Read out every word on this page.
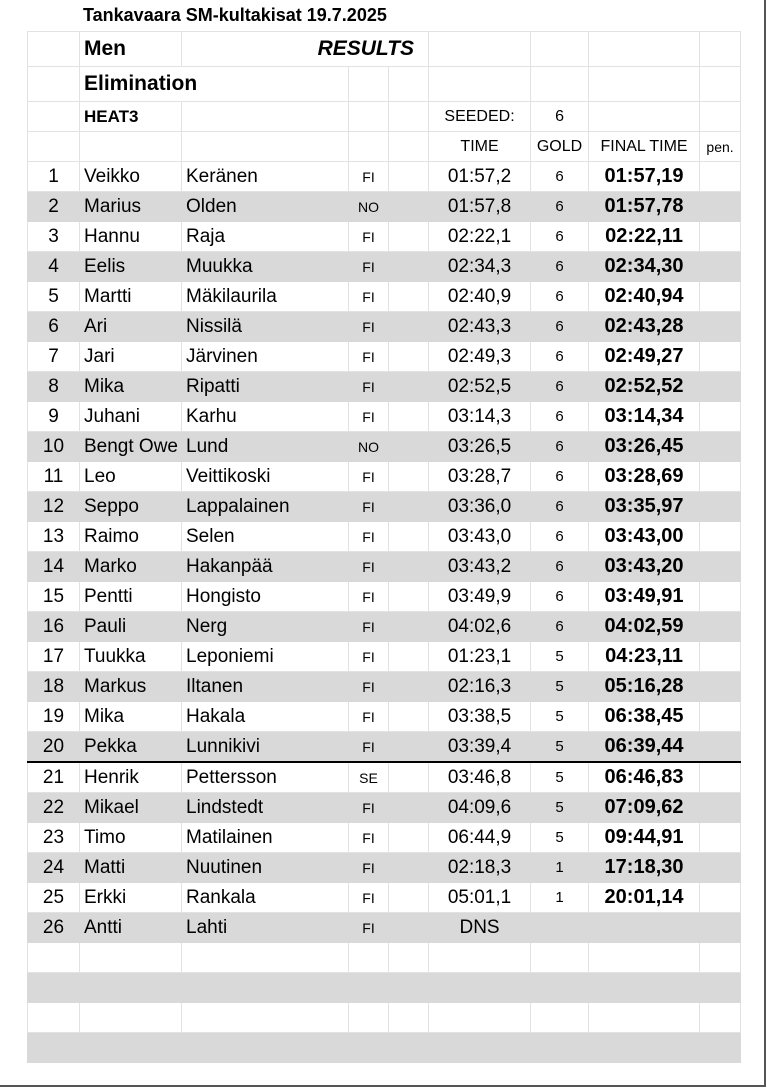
Tankavaara SM-kultakisat 19.7.2025
	Men	RESULTS						
	Elimination							
	HEAT3				SEEDED:	6		
					TIME	GOLD	FINAL TIME	pen.
1	Veikko	Keränen	FI		01:57,2	6	01:57,19	
2	Marius	Olden	NO		01:57,8	6	01:57,78	
3	Hannu	Raja	FI		02:22,1	6	02:22,11	
4	Eelis	Muukka	FI		02:34,3	6	02:34,30	
5	Martti	Mäkilaurila	FI		02:40,9	6	02:40,94	
6	Ari	Nissilä	FI		02:43,3	6	02:43,28	
7	Jari	Järvinen	FI		02:49,3	6	02:49,27	
8	Mika	Ripatti	FI		02:52,5	6	02:52,52	
9	Juhani	Karhu	FI		03:14,3	6	03:14,34	
10	Bengt Owe	Lund	NO		03:26,5	6	03:26,45	
11	Leo	Veittikoski	FI		03:28,7	6	03:28,69	
12	Seppo	Lappalainen	FI		03:36,0	6	03:35,97	
13	Raimo	Selen	FI		03:43,0	6	03:43,00	
14	Marko	Hakanpää	FI		03:43,2	6	03:43,20	
15	Pentti	Hongisto	FI		03:49,9	6	03:49,91	
16	Pauli	Nerg	FI		04:02,6	6	04:02,59	
17	Tuukka	Leponiemi	FI		01:23,1	5	04:23,11	
18	Markus	Iltanen	FI		02:16,3	5	05:16,28	
19	Mika	Hakala	FI		03:38,5	5	06:38,45	
20	Pekka	Lunnikivi	FI		03:39,4	5	06:39,44	
21	Henrik	Pettersson	SE		03:46,8	5	06:46,83	
22	Mikael	Lindstedt	FI		04:09,6	5	07:09,62	
23	Timo	Matilainen	FI		06:44,9	5	09:44,91	
24	Matti	Nuutinen	FI		02:18,3	1	17:18,30	
25	Erkki	Rankala	FI		05:01,1	1	20:01,14	
26	Antti	Lahti	FI		DNS			
